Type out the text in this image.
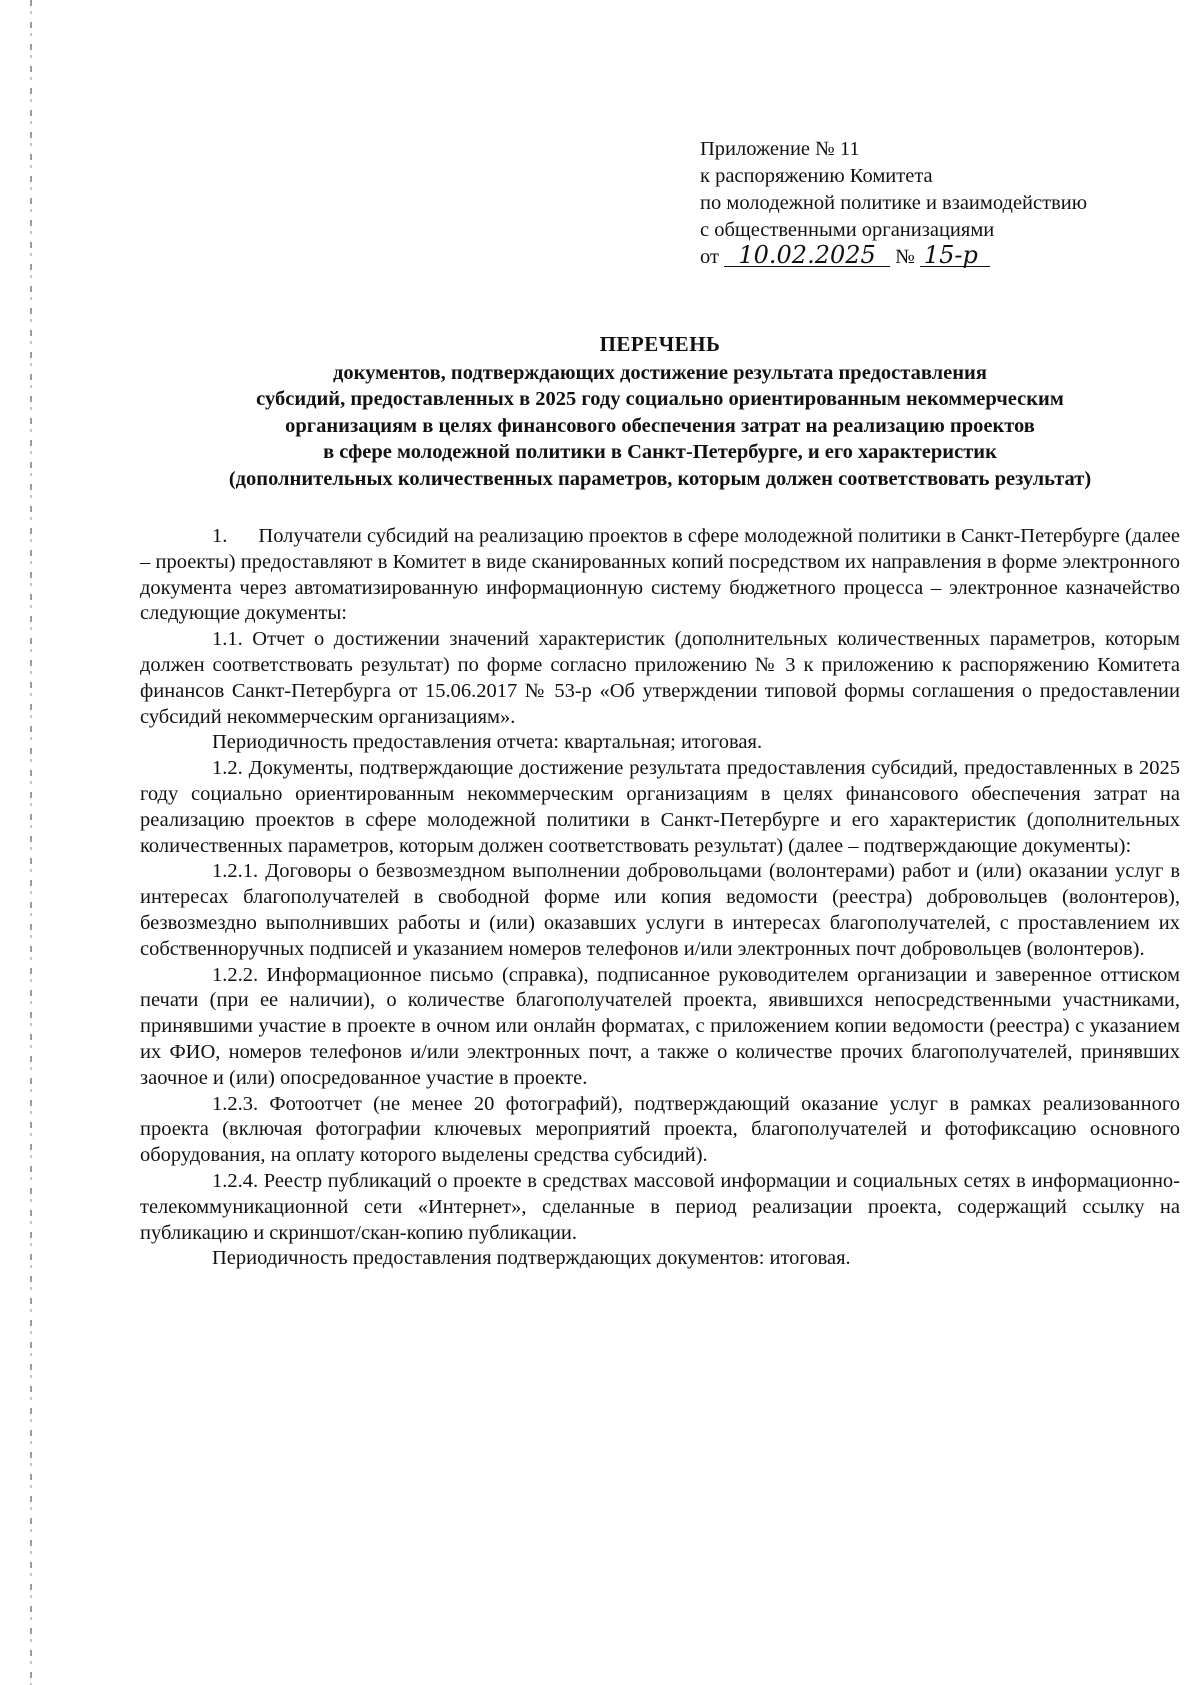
Приложение № 11
к распоряжению Комитета
по молодежной политике и взаимодействию
с общественными организациями
от 10.02.2025 № 15-р
ПЕРЕЧЕНЬ
документов, подтверждающих достижение результата предоставления
субсидий, предоставленных в 2025 году социально ориентированным некоммерческим
организациям в целях финансового обеспечения затрат на реализацию проектов
в сфере молодежной политики в Санкт-Петербурге, и его характеристик
(дополнительных количественных параметров, которым должен соответствовать результат)

1.      Получатели субсидий на реализацию проектов в сфере молодежной политики в Санкт-Петербурге (далее – проекты) предоставляют в Комитет в виде сканированных копий посредством их направления в форме электронного документа через автоматизированную информационную систему бюджетного процесса – электронное казначейство следующие документы:

1.1. Отчет о достижении значений характеристик (дополнительных количественных параметров, которым должен соответствовать результат) по форме согласно приложению № 3 к приложению к распоряжению Комитета финансов Санкт-Петербурга от 15.06.2017 № 53-р «Об утверждении типовой формы соглашения о предоставлении субсидий некоммерческим организациям».

Периодичность предоставления отчета: квартальная; итоговая.

1.2. Документы, подтверждающие достижение результата предоставления субсидий, предоставленных в 2025 году социально ориентированным некоммерческим организациям в целях финансового обеспечения затрат на реализацию проектов в сфере молодежной политики в Санкт-Петербурге и его характеристик (дополнительных количественных параметров, которым должен соответствовать результат) (далее – подтверждающие документы):

1.2.1. Договоры о безвозмездном выполнении добровольцами (волонтерами) работ и (или) оказании услуг в интересах благополучателей в свободной форме или копия ведомости (реестра) добровольцев (волонтеров), безвозмездно выполнивших работы и (или) оказавших услуги в интересах благополучателей, с проставлением их собственноручных подписей и указанием номеров телефонов и/или электронных почт добровольцев (волонтеров).

1.2.2. Информационное письмо (справка), подписанное руководителем организации и заверенное оттиском печати (при ее наличии), о количестве благополучателей проекта, явившихся непосредственными участниками, принявшими участие в проекте в очном или онлайн форматах, с приложением копии ведомости (реестра) с указанием их ФИО, номеров телефонов и/или электронных почт, а также о количестве прочих благополучателей, принявших заочное и (или) опосредованное участие в проекте.

1.2.3. Фотоотчет (не менее 20 фотографий), подтверждающий оказание услуг в рамках реализованного проекта (включая фотографии ключевых мероприятий проекта, благополучателей и фотофиксацию основного оборудования, на оплату которого выделены средства субсидий).

1.2.4. Реестр публикаций о проекте в средствах массовой информации и социальных сетях в информационно-телекоммуникационной сети «Интернет», сделанные в период реализации проекта, содержащий ссылку на публикацию и скриншот/скан-копию публикации.

Периодичность предоставления подтверждающих документов: итоговая.
